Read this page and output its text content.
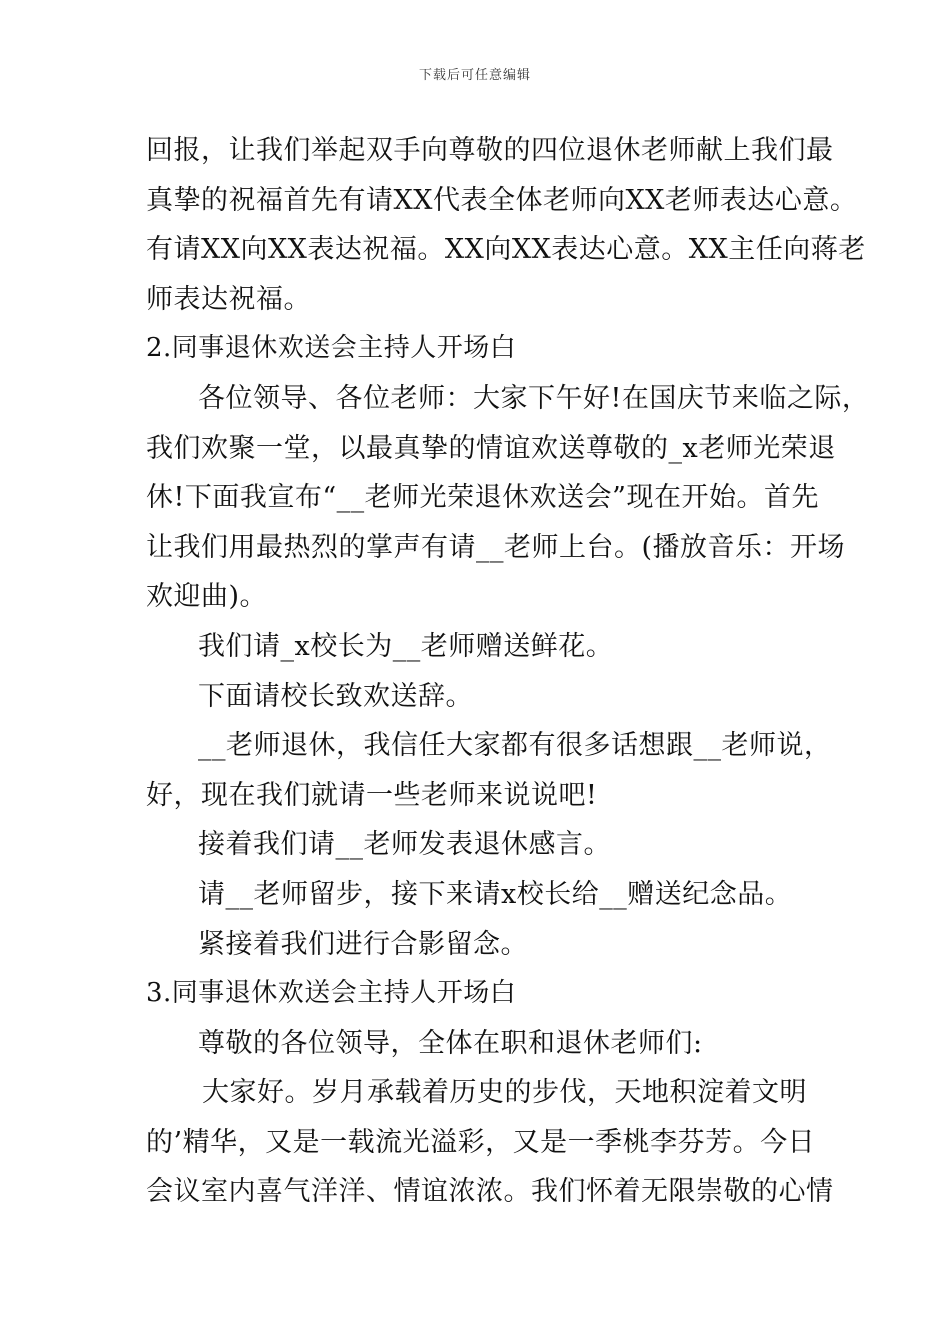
下载后可任意编辑
回报，让我们举起双手向尊敬的四位退休老师献上我们最
真挚的祝福首先有请XX代表全体老师向XX老师表达心意。
有请XX向XX表达祝福。XX向XX表达心意。XX主任向蒋老
师表达祝福。
2.同事退休欢送会主持人开场白
各位领导、各位老师：大家下午好!在国庆节来临之际，
我们欢聚一堂，以最真挚的情谊欢送尊敬的_x老师光荣退
休!下面我宣布“__老师光荣退休欢送会”现在开始。首先
让我们用最热烈的掌声有请__老师上台。(播放音乐：开场
欢迎曲)。
我们请_x校长为__老师赠送鲜花。
下面请校长致欢送辞。
__老师退休，我信任大家都有很多话想跟__老师说，
好，现在我们就请一些老师来说说吧!
接着我们请__老师发表退休感言。
请__老师留步，接下来请x校长给__赠送纪念品。
紧接着我们进行合影留念。
3.同事退休欢送会主持人开场白
尊敬的各位领导，全体在职和退休老师们:
大家好。岁月承载着历史的步伐，天地积淀着文明
的’精华，又是一载流光溢彩，又是一季桃李芬芳。今日
会议室内喜气洋洋、情谊浓浓。我们怀着无限崇敬的心情
